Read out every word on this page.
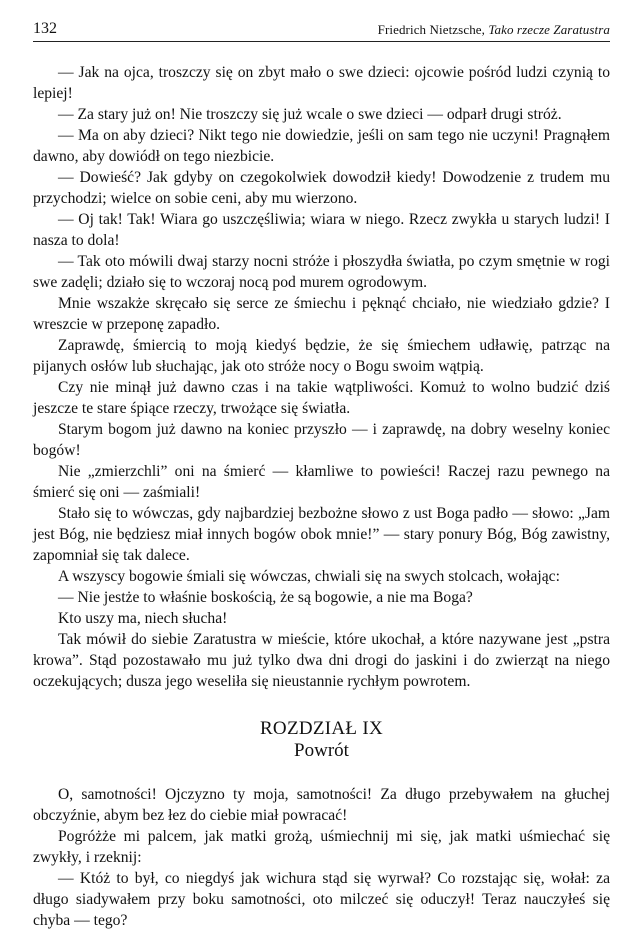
132	Friedrich Nietzsche, Tako rzecze Zaratustra

— Jak na ojca, troszczy się on zbyt mało o swe dzieci: ojcowie pośród ludzi czynią to lepiej!

— Za stary już on! Nie troszczy się już wcale o swe dzieci — odparł drugi stróż.

— Ma on aby dzieci? Nikt tego nie dowiedzie, jeśli on sam tego nie uczyni! Pragnąłem dawno, aby dowiódł on tego niezbicie.

— Dowieść? Jak gdyby on czegokolwiek dowodził kiedy! Dowodzenie z trudem mu przychodzi; wielce on sobie ceni, aby mu wierzono.

— Oj tak! Tak! Wiara go uszczęśliwia; wiara w niego. Rzecz zwykła u starych ludzi! I nasza to dola!

— Tak oto mówili dwaj starzy nocni stróże i płoszydła światła, po czym smętnie w rogi swe zadęli; działo się to wczoraj nocą pod murem ogrodowym.

Mnie wszakże skręcało się serce ze śmiechu i pęknąć chciało, nie wiedziało gdzie? I wreszcie w przeponę zapadło.

Zaprawdę, śmiercią to moją kiedyś będzie, że się śmiechem udławię, patrząc na pijanych osłów lub słuchając, jak oto stróże nocy o Bogu swoim wątpią.

Czy nie minął już dawno czas i na takie wątpliwości. Komuż to wolno budzić dziś jeszcze te stare śpiące rzeczy, trwożące się światła.

Starym bogom już dawno na koniec przyszło — i zaprawdę, na dobry weselny koniec bogów!

Nie „zmierzchli” oni na śmierć — kłamliwe to powieści! Raczej razu pewnego na śmierć się oni — zaśmiali!

Stało się to wówczas, gdy najbardziej bezbożne słowo z ust Boga padło — słowo: „Jam jest Bóg, nie będziesz miał innych bogów obok mnie!” — stary ponury Bóg, Bóg zawistny, zapomniał się tak dalece.

A wszyscy bogowie śmiali się wówczas, chwiali się na swych stolcach, wołając:

— Nie jestże to właśnie boskością, że są bogowie, a nie ma Boga?

Kto uszy ma, niech słucha!

Tak mówił do siebie Zaratustra w mieście, które ukochał, a które nazywane jest „pstra krowa”. Stąd pozostawało mu już tylko dwa dni drogi do jaskini i do zwierząt na niego oczekujących; dusza jego weseliła się nieustannie rychłym powrotem.

ROZDZIAŁ IX
Powrót

O, samotności! Ojczyzno ty moja, samotności! Za długo przebywałem na głuchej obczyźnie, abym bez łez do ciebie miał powracać!

Pogróżże mi palcem, jak matki grożą, uśmiechnij mi się, jak matki uśmiechać się zwykły, i rzeknij:

— Któż to był, co niegdyś jak wichura stąd się wyrwał? Co rozstając się, wołał: za długo siadywałem przy boku samotności, oto milczeć się oduczył! Teraz nauczyłeś się chyba — tego?
